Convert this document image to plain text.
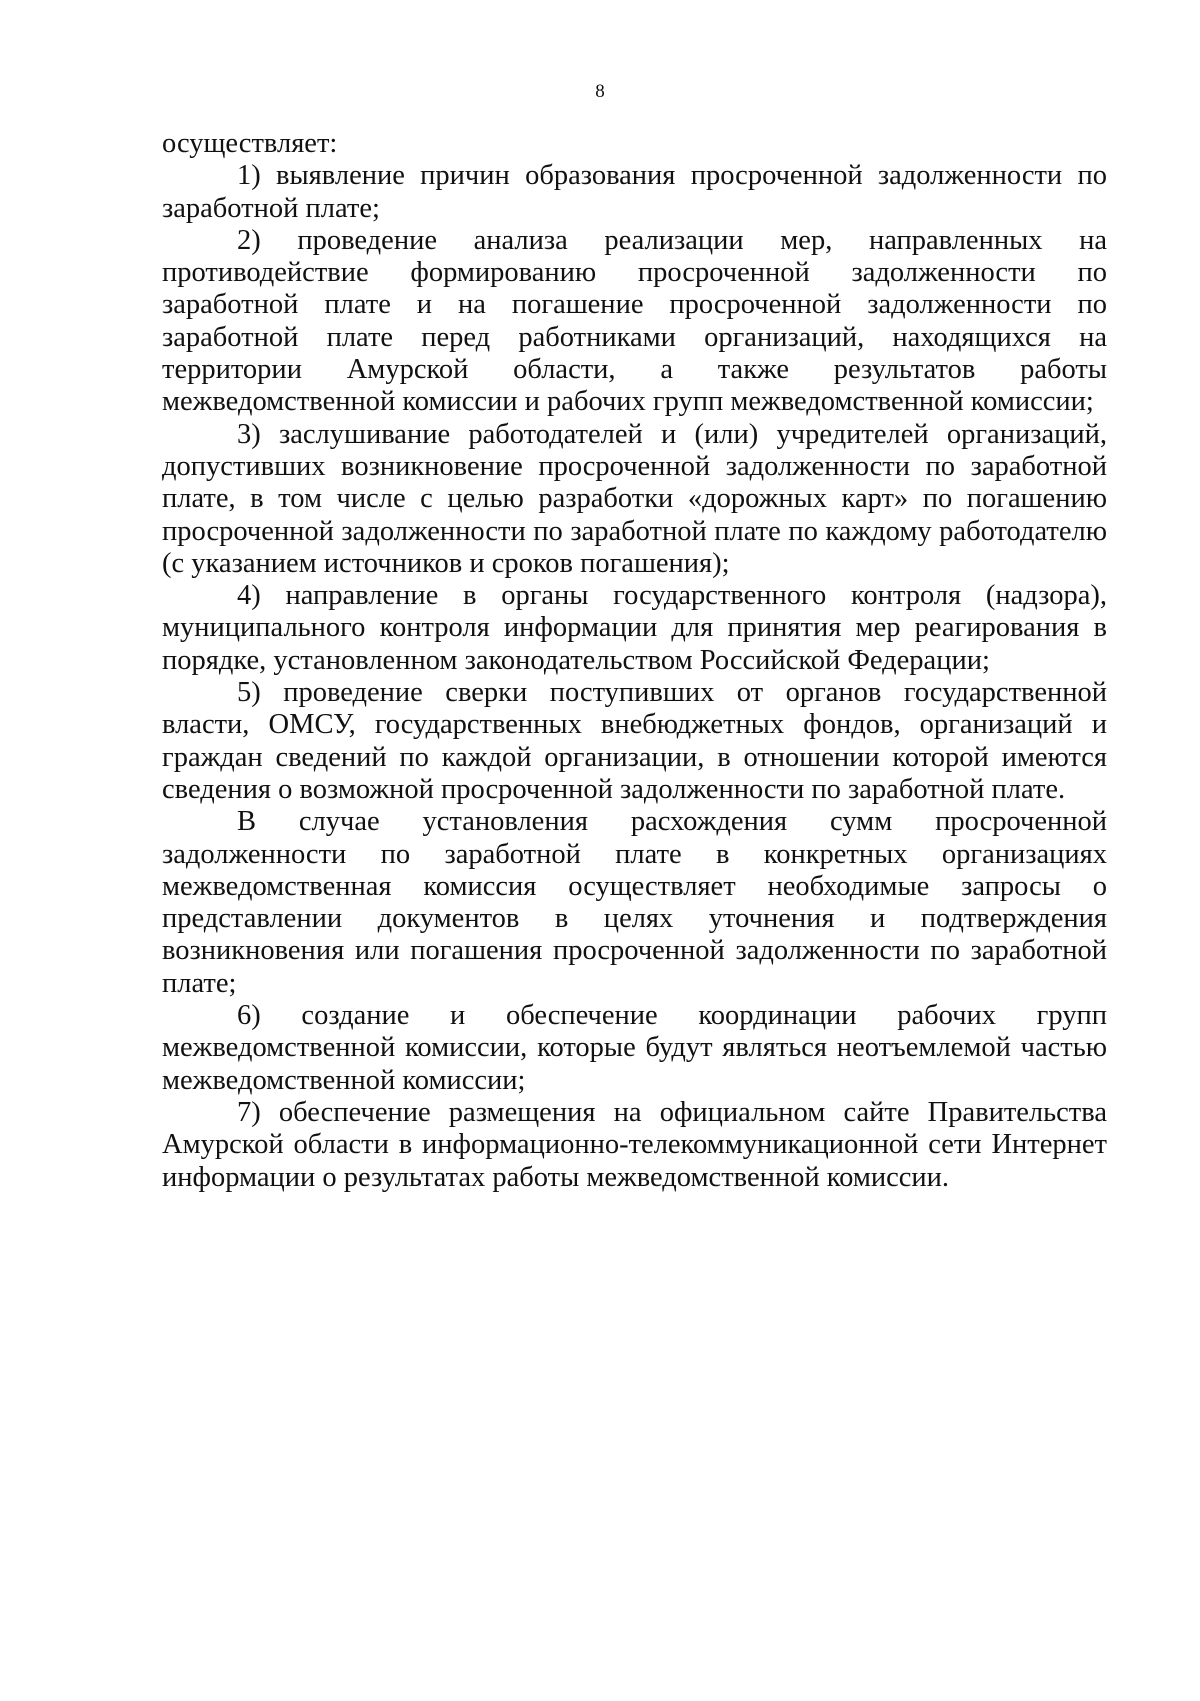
8

осуществляет:

1) выявление причин образования просроченной задолженности по заработной плате;

2) проведение анализа реализации мер, направленных на противодействие формированию просроченной задолженности по заработной плате и на погашение просроченной задолженности по заработной плате перед работниками организаций, находящихся на территории Амурской области, а также результатов работы межведомственной комиссии и рабочих групп межведомственной комиссии;

3) заслушивание работодателей и (или) учредителей организаций, допустивших возникновение просроченной задолженности по заработной плате, в том числе с целью разработки «дорожных карт» по погашению просроченной задолженности по заработной плате по каждому работодателю (с указанием источников и сроков погашения);

4) направление в органы государственного контроля (надзора), муниципального контроля информации для принятия мер реагирования в порядке, установленном законодательством Российской Федерации;

5) проведение сверки поступивших от органов государственной власти, ОМСУ, государственных внебюджетных фондов, организаций и граждан сведений по каждой организации, в отношении которой имеются сведения о возможной просроченной задолженности по заработной плате.

В случае установления расхождения сумм просроченной задолженности по заработной плате в конкретных организациях межведомственная комиссия осуществляет необходимые запросы о представлении документов в целях уточнения и подтверждения возникновения или погашения просроченной задолженности по заработной плате;

6) создание и обеспечение координации рабочих групп межведомственной комиссии, которые будут являться неотъемлемой частью межведомственной комиссии;

7) обеспечение размещения на официальном сайте Правительства Амурской области в информационно-телекоммуникационной сети Интернет информации о результатах работы межведомственной комиссии.
